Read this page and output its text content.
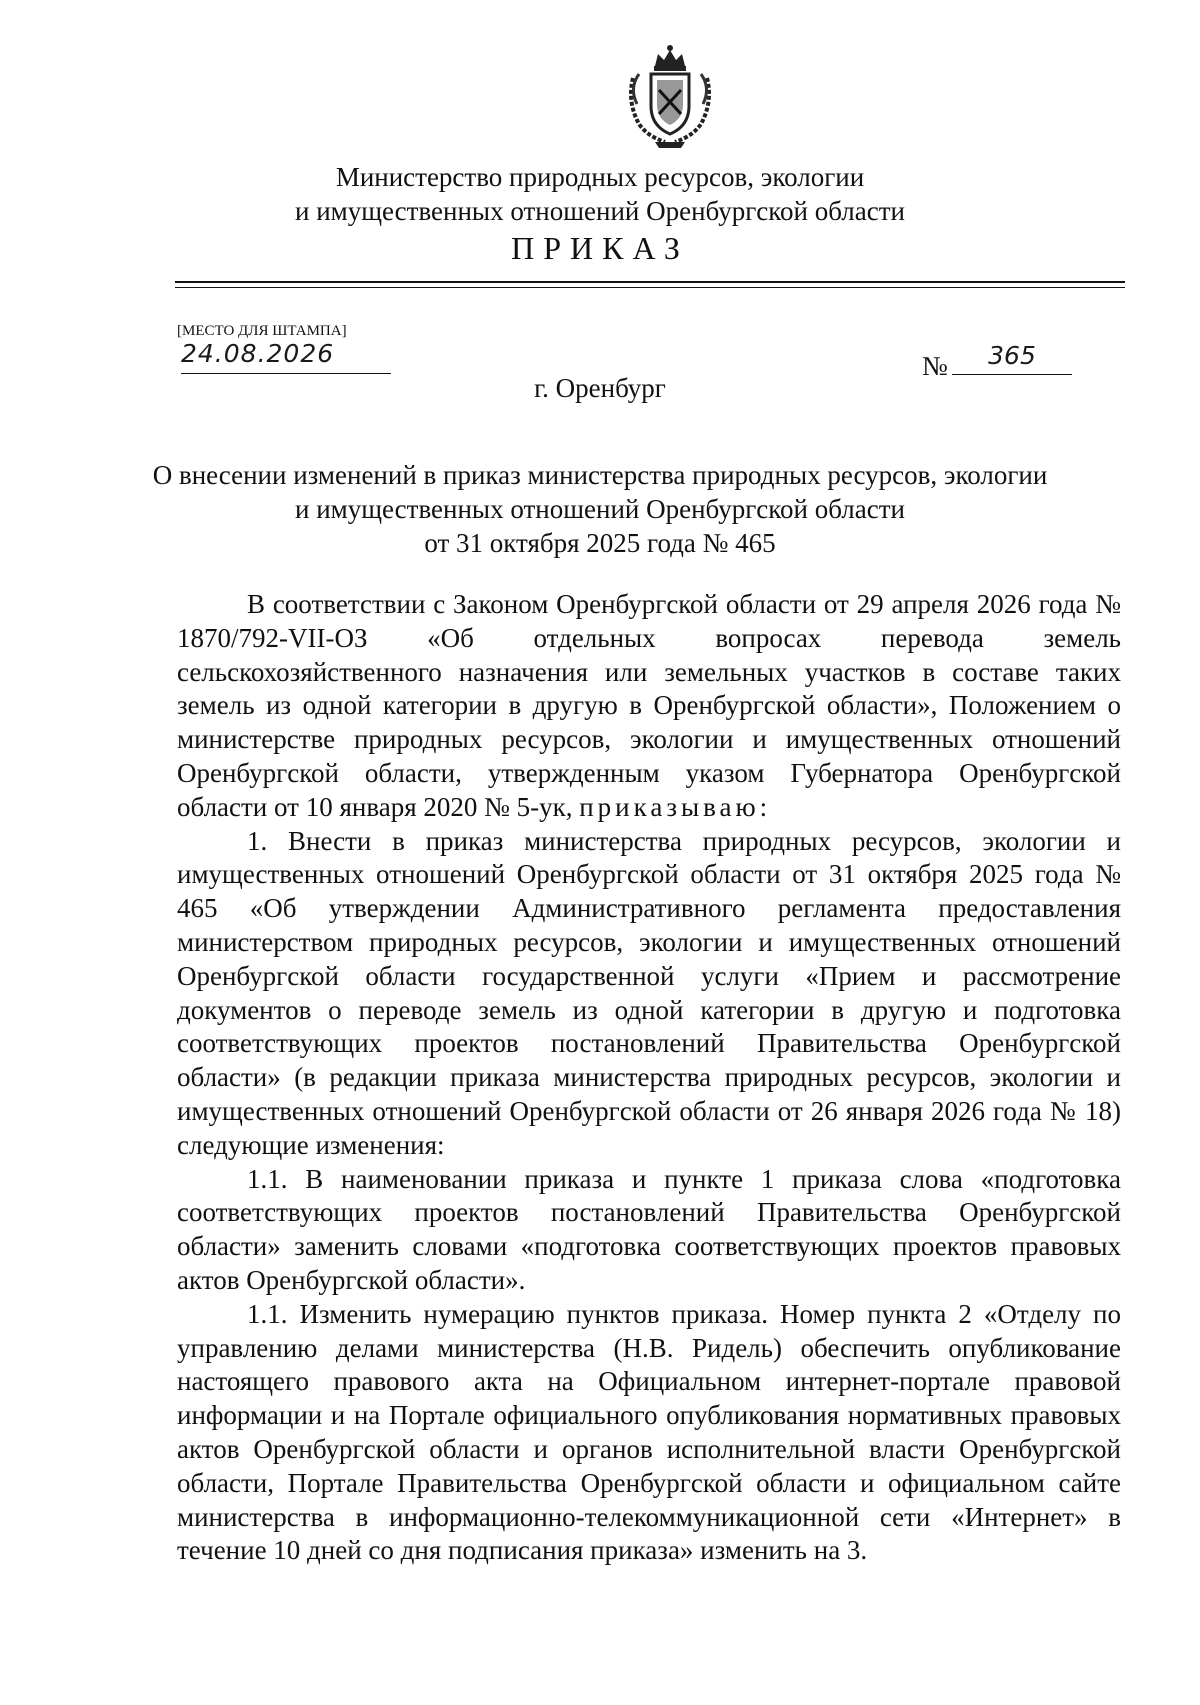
Министерство природных ресурсов, экологии
и имущественных отношений Оренбургской области
ПРИКАЗ
[МЕСТО ДЛЯ ШТАМПА]
24.08.2026	№	365
г. Оренбург
О внесении изменений в приказ министерства природных ресурсов, экологии
и имущественных отношений Оренбургской области
от 31 октября 2025 года № 465

В соответствии с Законом Оренбургской области от 29 апреля 2026 года № 1870/792-VII-ОЗ «Об отдельных вопросах перевода земель сельскохозяйственного назначения или земельных участков в составе таких земель из одной категории в другую в Оренбургской области», Положением о министерстве природных ресурсов, экологии и имущественных отношений Оренбургской области, утвержденным указом Губернатора Оренбургской области от 10 января 2020 № 5-ук, приказываю:

1. Внести в приказ министерства природных ресурсов, экологии и имущественных отношений Оренбургской области от 31 октября 2025 года № 465 «Об утверждении Административного регламента предоставления министерством природных ресурсов, экологии и имущественных отношений Оренбургской области государственной услуги «Прием и рассмотрение документов о переводе земель из одной категории в другую и подготовка соответствующих проектов постановлений Правительства Оренбургской области» (в редакции приказа министерства природных ресурсов, экологии и имущественных отношений Оренбургской области от 26 января 2026 года № 18) следующие изменения:

1.1. В наименовании приказа и пункте 1 приказа слова «подготовка соответствующих проектов постановлений Правительства Оренбургской области» заменить словами «подготовка соответствующих проектов правовых актов Оренбургской области».

1.1. Изменить нумерацию пунктов приказа. Номер пункта 2 «Отделу по управлению делами министерства (Н.В. Ридель) обеспечить опубликование настоящего правового акта на Официальном интернет-портале правовой информации и на Портале официального опубликования нормативных правовых актов Оренбургской области и органов исполнительной власти Оренбургской области, Портале Правительства Оренбургской области и официальном сайте министерства в информационно-телекоммуникационной сети «Интернет» в течение 10 дней со дня подписания приказа» изменить на 3.
